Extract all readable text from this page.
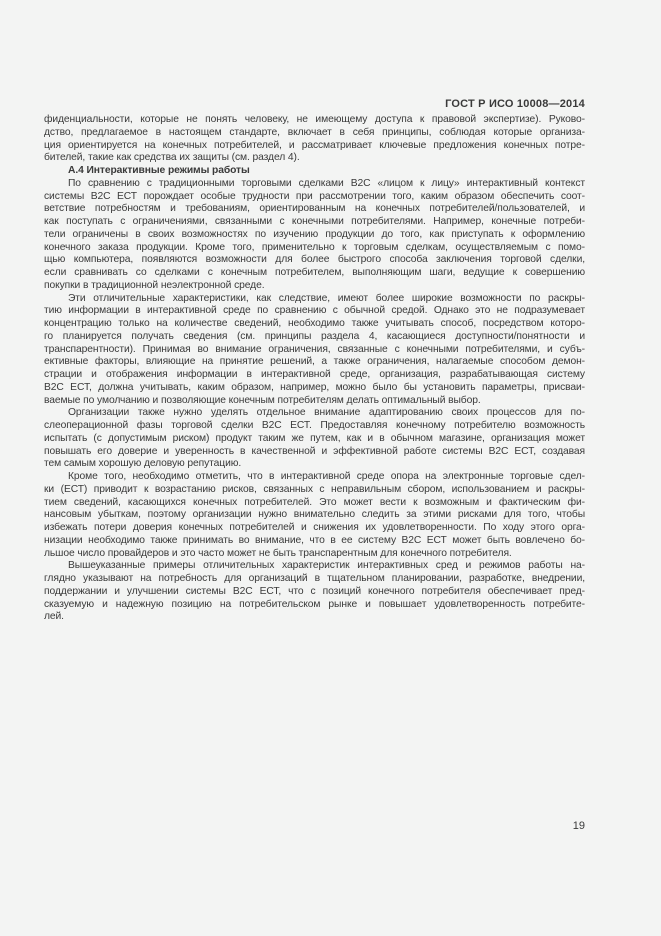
ГОСТ Р ИСО 10008—2014
фиденциальности, которые не понять человеку, не имеющему доступа к правовой экспертизе). Руково-
дство, предлагаемое в настоящем стандарте, включает в себя принципы, соблюдая которые организа-
ция ориентируется на конечных потребителей, и рассматривает ключевые предложения конечных потре-
бителей, такие как средства их защиты (см. раздел 4).
А.4 Интерактивные режимы работы
По сравнению с традиционными торговыми сделками B2C «лицом к лицу» интерактивный контекст
системы B2C ЕСТ порождает особые трудности при рассмотрении того, каким образом обеспечить соот-
ветствие потребностям и требованиям, ориентированным на конечных потребителей/пользователей, и
как поступать с ограничениями, связанными с конечными потребителями. Например, конечные потреби-
тели ограничены в своих возможностях по изучению продукции до того, как приступать к оформлению
конечного заказа продукции. Кроме того, применительно к торговым сделкам, осуществляемым с помо-
щью компьютера, появляются возможности для более быстрого способа заключения торговой сделки,
если сравнивать со сделками с конечным потребителем, выполняющим шаги, ведущие к совершению
покупки в традиционной неэлектронной среде.
Эти отличительные характеристики, как следствие, имеют более широкие возможности по раскры-
тию информации в интерактивной среде по сравнению с обычной средой. Однако это не подразумевает
концентрацию только на количестве сведений, необходимо также учитывать способ, посредством которо-
го планируется получать сведения (см. принципы раздела 4, касающиеся доступности/понятности и
транспарентности). Принимая во внимание ограничения, связанные с конечными потребителями, и субъ-
ективные факторы, влияющие на принятие решений, а также ограничения, налагаемые способом демон-
страции и отображения информации в интерактивной среде, организация, разрабатывающая систему
B2C ЕСТ, должна учитывать, каким образом, например, можно было бы установить параметры, присваи-
ваемые по умолчанию и позволяющие конечным потребителям делать оптимальный выбор.
Организации также нужно уделять отдельное внимание адаптированию своих процессов для по-
слеоперационной фазы торговой сделки B2C ЕСТ. Предоставляя конечному потребителю возможность
испытать (с допустимым риском) продукт таким же путем, как и в обычном магазине, организация может
повышать его доверие и уверенность в качественной и эффективной работе системы B2C ЕСТ, создавая
тем самым хорошую деловую репутацию.
Кроме того, необходимо отметить, что в интерактивной среде опора на электронные торговые сдел-
ки (ЕСТ) приводит к возрастанию рисков, связанных с неправильным сбором, использованием и раскры-
тием сведений, касающихся конечных потребителей. Это может вести к возможным и фактическим фи-
нансовым убыткам, поэтому организации нужно внимательно следить за этими рисками для того, чтобы
избежать потери доверия конечных потребителей и снижения их удовлетворенности. По ходу этого орга-
низации необходимо также принимать во внимание, что в ее систему B2C ЕСТ может быть вовлечено бо-
льшое число провайдеров и это часто может не быть транспарентным для конечного потребителя.
Вышеуказанные примеры отличительных характеристик интерактивных сред и режимов работы на-
глядно указывают на потребность для организаций в тщательном планировании, разработке, внедрении,
поддержании и улучшении системы B2C ЕСТ, что с позиций конечного потребителя обеспечивает пред-
сказуемую и надежную позицию на потребительском рынке и повышает удовлетворенность потребите-
лей.
19
